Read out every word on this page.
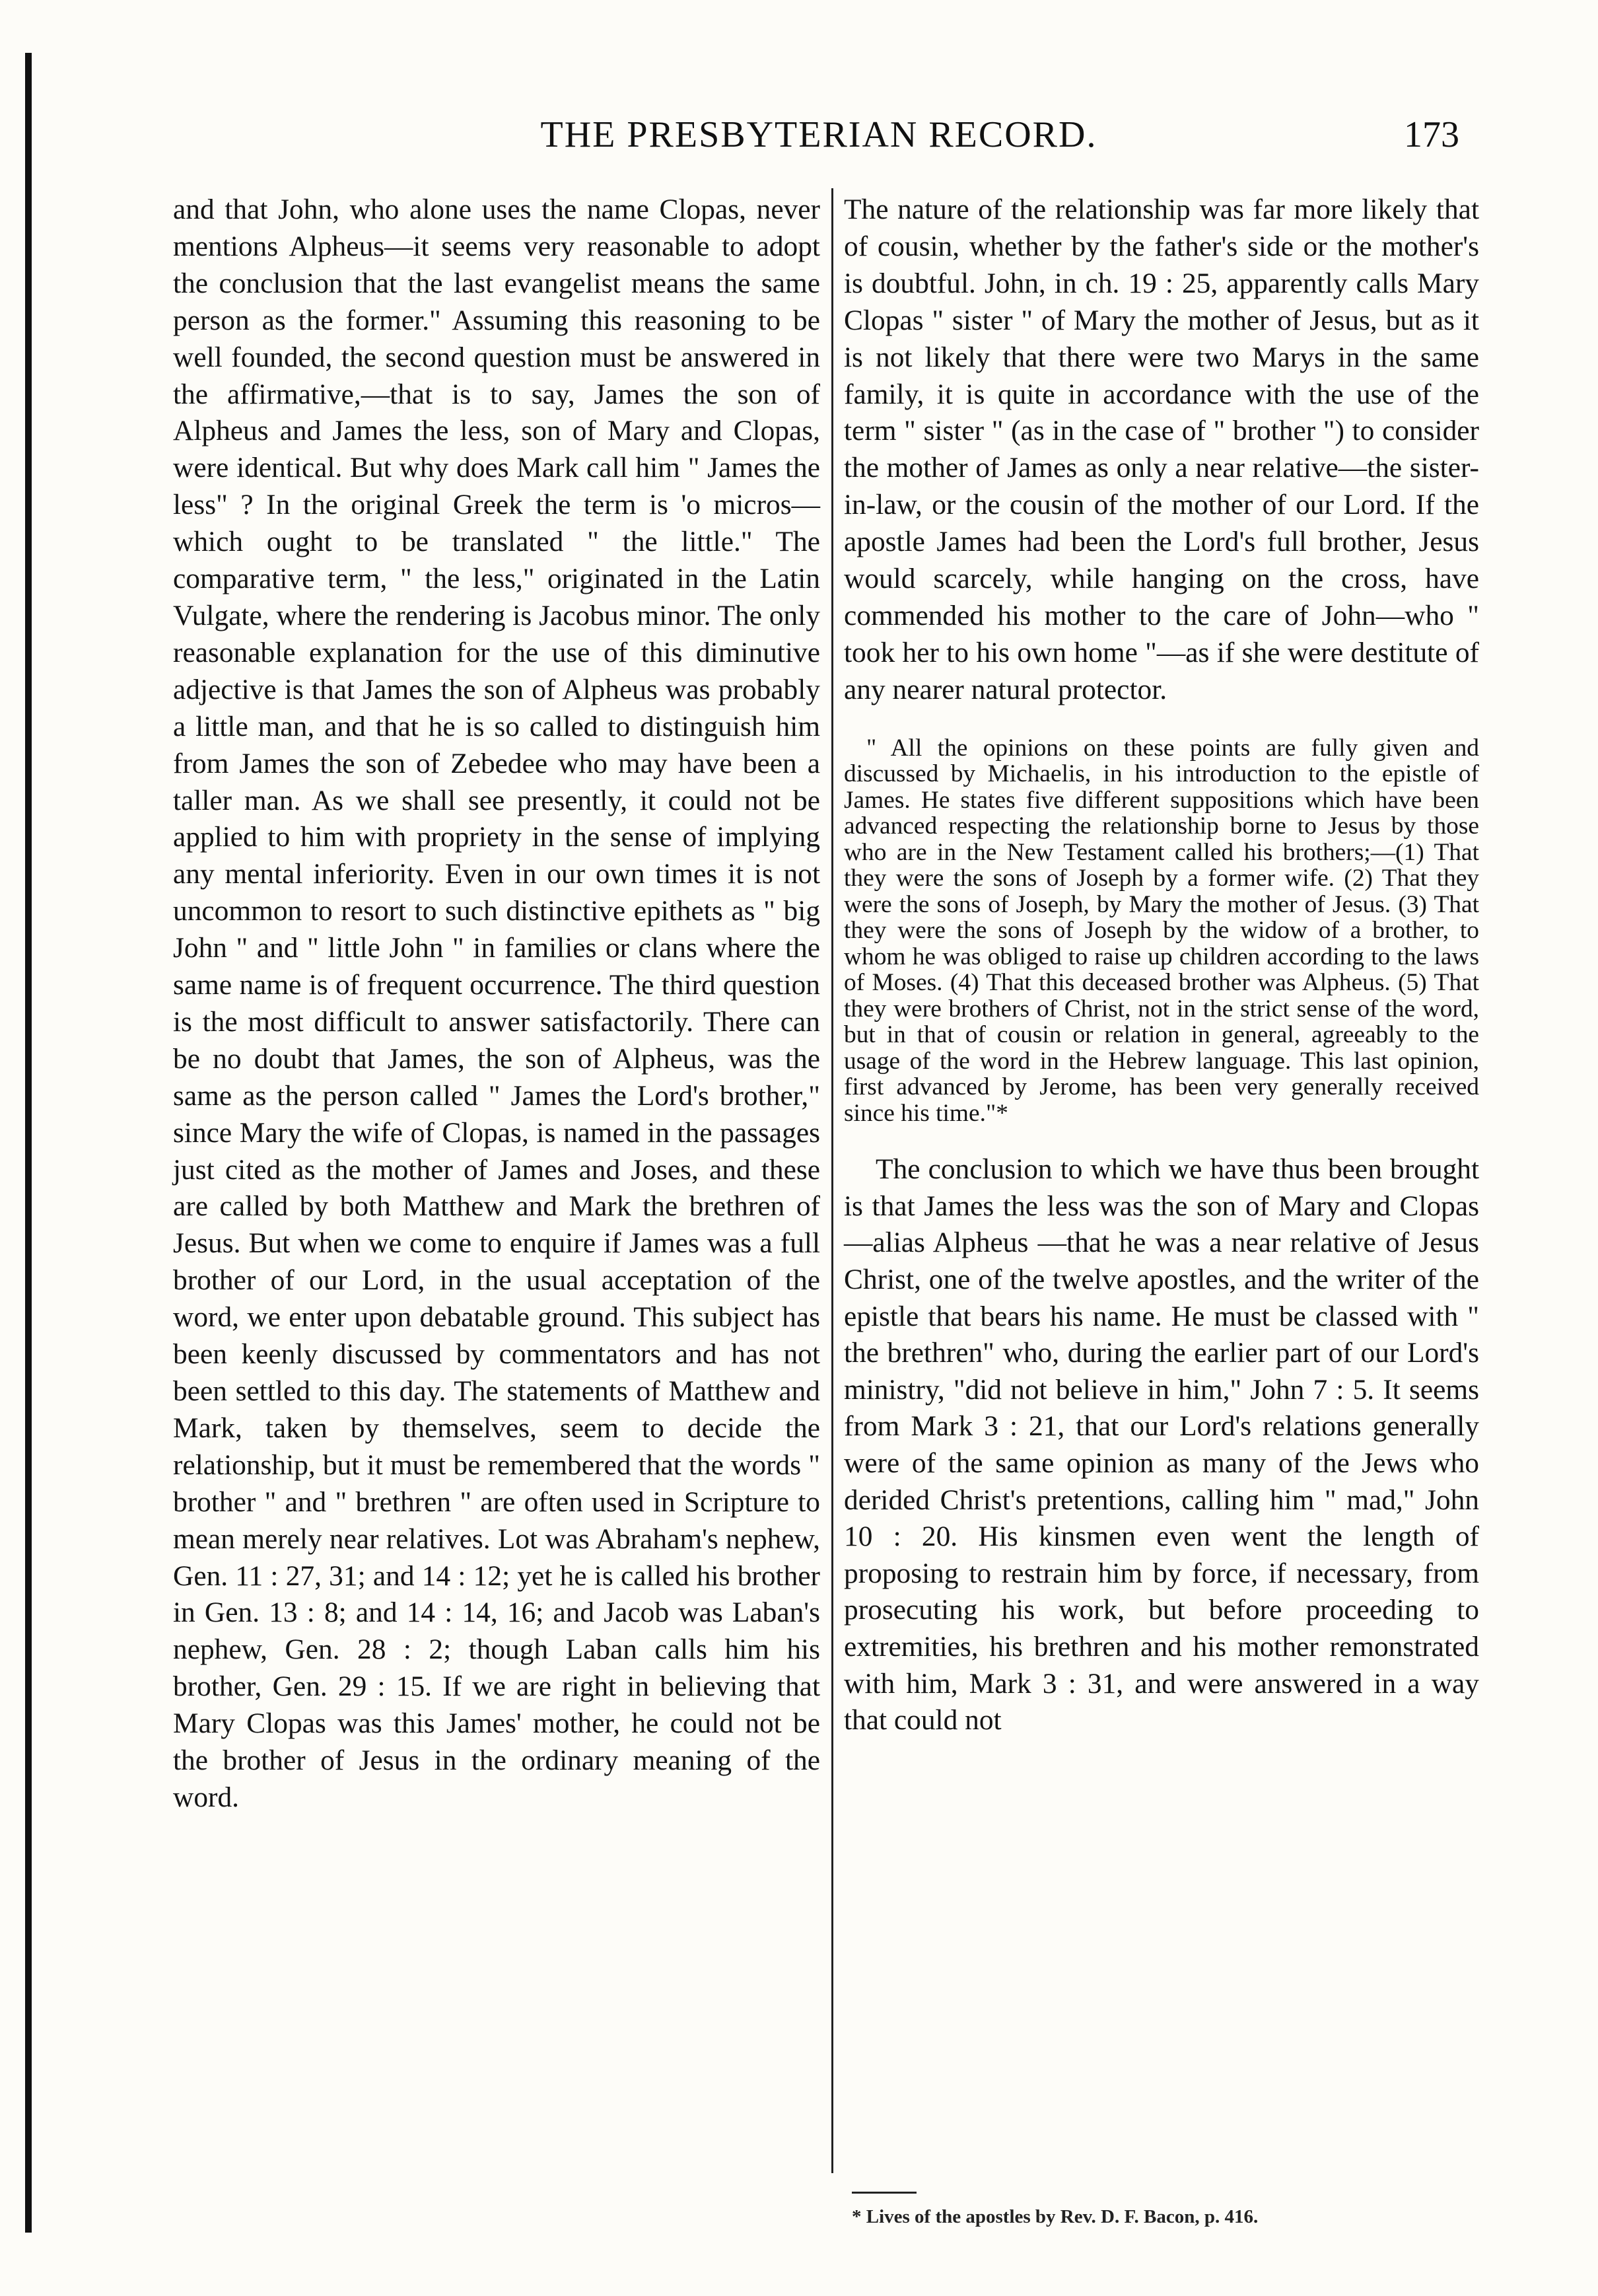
THE PRESBYTERIAN RECORD.	173

and that John, who alone uses the name Clopas, never mentions Alpheus—it seems very reasonable to adopt the conclusion that the last evangelist means the same person as the former." Assuming this reasoning to be well founded, the second question must be answered in the affirmative,—that is to say, James the son of Alpheus and James the less, son of Mary and Clopas, were identical. But why does Mark call him " James the less" ? In the original Greek the term is 'o micros—which ought to be translated " the little." The comparative term, " the less," originated in the Latin Vulgate, where the rendering is Jacobus minor. The only reasonable explanation for the use of this diminutive adjective is that James the son of Alpheus was probably a little man, and that he is so called to distinguish him from James the son of Zebedee who may have been a taller man. As we shall see presently, it could not be applied to him with propriety in the sense of implying any mental inferiority. Even in our own times it is not uncommon to resort to such distinctive epithets as " big John " and " little John " in families or clans where the same name is of frequent occurrence. The third question is the most difficult to answer satisfactorily. There can be no doubt that James, the son of Alpheus, was the same as the person called " James the Lord's brother," since Mary the wife of Clopas, is named in the passages just cited as the mother of James and Joses, and these are called by both Matthew and Mark the brethren of Jesus. But when we come to enquire if James was a full brother of our Lord, in the usual acceptation of the word, we enter upon debatable ground. This subject has been keenly discussed by commentators and has not been settled to this day. The statements of Matthew and Mark, taken by themselves, seem to decide the relationship, but it must be remembered that the words " brother " and " brethren " are often used in Scripture to mean merely near relatives. Lot was Abraham's nephew, Gen. 11 : 27, 31; and 14 : 12; yet he is called his brother in Gen. 13 : 8; and 14 : 14, 16; and Jacob was Laban's nephew, Gen. 28 : 2; though Laban calls him his brother, Gen. 29 : 15. If we are right in believing that Mary Clopas was this James' mother, he could not be the brother of Jesus in the ordinary meaning of the word.

The nature of the relationship was far more likely that of cousin, whether by the father's side or the mother's is doubtful. John, in ch. 19 : 25, apparently calls Mary Clopas " sister " of Mary the mother of Jesus, but as it is not likely that there were two Marys in the same family, it is quite in accordance with the use of the term " sister " (as in the case of " brother ") to consider the mother of James as only a near relative—the sister-in-law, or the cousin of the mother of our Lord. If the apostle James had been the Lord's full brother, Jesus would scarcely, while hanging on the cross, have commended his mother to the care of John—who " took her to his own home "—as if she were destitute of any nearer natural protector.

" All the opinions on these points are fully given and discussed by Michaelis, in his introduction to the epistle of James. He states five different suppositions which have been advanced respecting the relationship borne to Jesus by those who are in the New Testament called his brothers;—(1) That they were the sons of Joseph by a former wife. (2) That they were the sons of Joseph, by Mary the mother of Jesus. (3) That they were the sons of Joseph by the widow of a brother, to whom he was obliged to raise up children according to the laws of Moses. (4) That this deceased brother was Alpheus. (5) That they were brothers of Christ, not in the strict sense of the word, but in that of cousin or relation in general, agreeably to the usage of the word in the Hebrew language. This last opinion, first advanced by Jerome, has been very generally received since his time."*

The conclusion to which we have thus been brought is that James the less was the son of Mary and Clopas—alias Alpheus —that he was a near relative of Jesus Christ, one of the twelve apostles, and the writer of the epistle that bears his name. He must be classed with " the brethren" who, during the earlier part of our Lord's ministry, "did not believe in him," John 7 : 5. It seems from Mark 3 : 21, that our Lord's relations generally were of the same opinion as many of the Jews who derided Christ's pretentions, calling him " mad," John 10 : 20. His kinsmen even went the length of proposing to restrain him by force, if necessary, from prosecuting his work, but before proceeding to extremities, his brethren and his mother remonstrated with him, Mark 3 : 31, and were answered in a way that could not

* Lives of the apostles by Rev. D. F. Bacon, p. 416.
